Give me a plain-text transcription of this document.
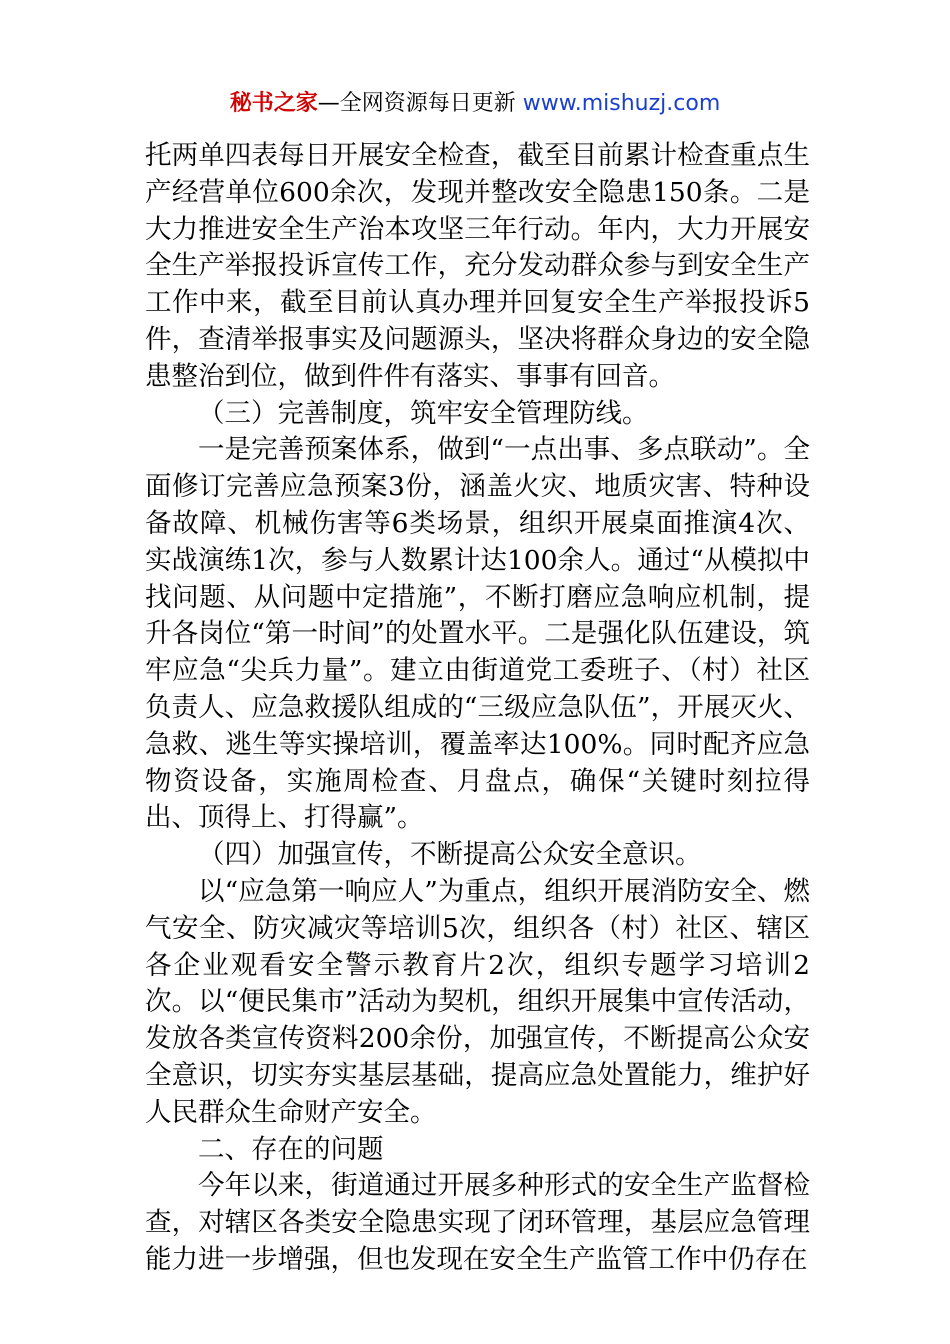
秘书之家—全网资源每日更新 www.mishuzj.com

托两单四表每日开展安全检查，截至目前累计检查重点生产经营单位600余次，发现并整改安全隐患150条。二是大力推进安全生产治本攻坚三年行动。年内，大力开展安全生产举报投诉宣传工作，充分发动群众参与到安全生产工作中来，截至目前认真办理并回复安全生产举报投诉5件，查清举报事实及问题源头，坚决将群众身边的安全隐患整治到位，做到件件有落实、事事有回音。

（三）完善制度，筑牢安全管理防线。

一是完善预案体系，做到“一点出事、多点联动”。全面修订完善应急预案3份，涵盖火灾、地质灾害、特种设备故障、机械伤害等6类场景，组织开展桌面推演4次、实战演练1次，参与人数累计达100余人。通过“从模拟中找问题、从问题中定措施”，不断打磨应急响应机制，提升各岗位“第一时间”的处置水平。二是强化队伍建设，筑牢应急“尖兵力量”。建立由街道党工委班子、（村）社区负责人、应急救援队组成的“三级应急队伍”，开展灭火、急救、逃生等实操培训，覆盖率达100%。同时配齐应急物资设备，实施周检查、月盘点，确保“关键时刻拉得出、顶得上、打得赢”。

（四）加强宣传，不断提高公众安全意识。

以“应急第一响应人”为重点，组织开展消防安全、燃气安全、防灾减灾等培训5次，组织各（村）社区、辖区各企业观看安全警示教育片2次，组织专题学习培训2次。以“便民集市”活动为契机，组织开展集中宣传活动，发放各类宣传资料200余份，加强宣传，不断提高公众安全意识，切实夯实基层基础，提高应急处置能力，维护好人民群众生命财产安全。

二、存在的问题

今年以来，街道通过开展多种形式的安全生产监督检查，对辖区各类安全隐患实现了闭环管理，基层应急管理能力进一步增强，但也发现在安全生产监管工作中仍存在
